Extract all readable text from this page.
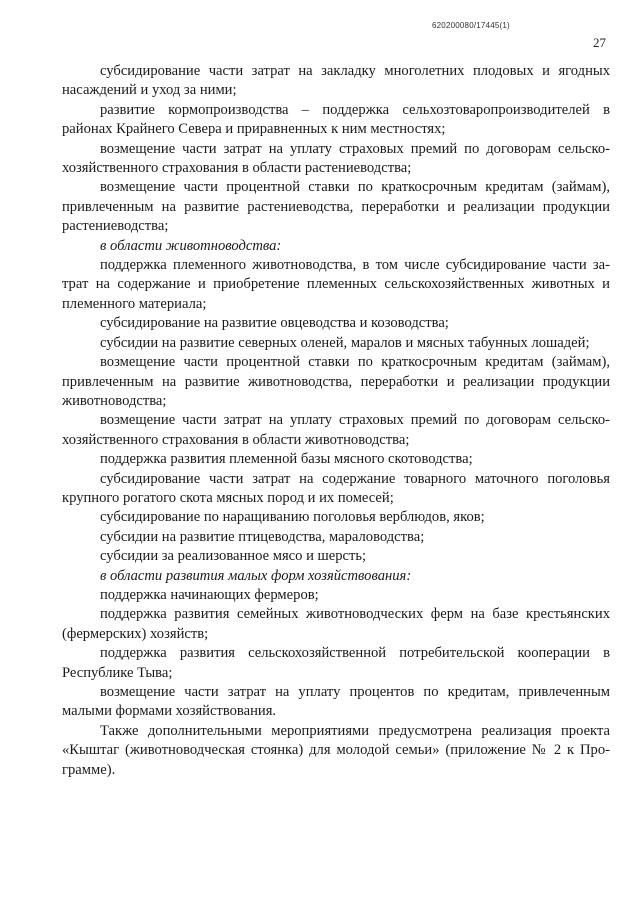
620200080/17445(1)
27

субсидирование части затрат на закладку многолетних плодовых и ягодных насаждений и уход за ними;

развитие кормопроизводства – поддержка сельхозтоваропроизводителей в районах Крайнего Севера и приравненных к ним местностях;

возмещение части затрат на уплату страховых премий по договорам сельско-хозяйственного страхования в области растениеводства;

возмещение части процентной ставки по краткосрочным кредитам (займам), привлеченным на развитие растениеводства, переработки и реализации продукции растениеводства;

в области животноводства:

поддержка племенного животноводства, в том числе субсидирование части за-трат на содержание и приобретение племенных сельскохозяйственных животных и племенного материала;

субсидирование на развитие овцеводства и козоводства;

субсидии на развитие северных оленей, маралов и мясных табунных лошадей;

возмещение части процентной ставки по краткосрочным кредитам (займам), привлеченным на развитие животноводства, переработки и реализации продукции животноводства;

возмещение части затрат на уплату страховых премий по договорам сельско-хозяйственного страхования в области животноводства;

поддержка развития племенной базы мясного скотоводства;

субсидирование части затрат на содержание товарного маточного поголовья крупного рогатого скота мясных пород и их помесей;

субсидирование по наращиванию поголовья верблюдов, яков;

субсидии на развитие птицеводства, мараловодства;

субсидии за реализованное мясо и шерсть;

в области развития малых форм хозяйствования:

поддержка начинающих фермеров;

поддержка развития семейных животноводческих ферм на базе крестьянских (фермерских) хозяйств;

поддержка развития сельскохозяйственной потребительской кооперации в Республике Тыва;

возмещение части затрат на уплату процентов по кредитам, привлеченным малыми формами хозяйствования.

Также дополнительными мероприятиями предусмотрена реализация проекта «Кыштаг (животноводческая стоянка) для молодой семьи» (приложение № 2 к Про-грамме).
